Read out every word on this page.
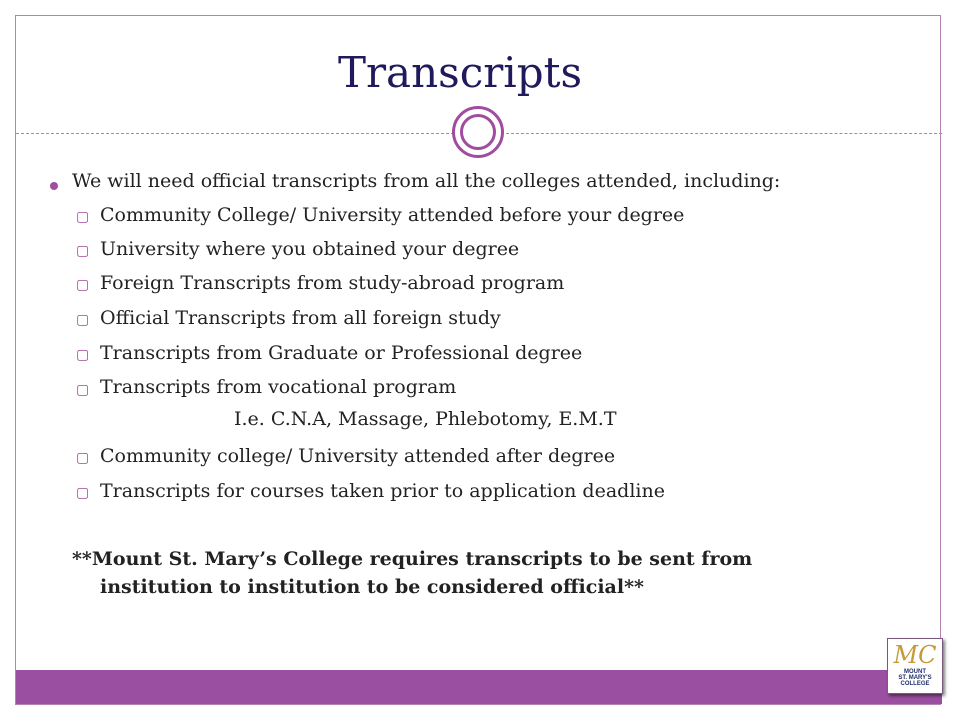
Transcripts
We will need official transcripts from all the colleges attended, including:
▢ Community College/ University attended before your degree
▢ University where you obtained your degree
▢ Foreign Transcripts from study-abroad program
▢ Official Transcripts from all foreign study
▢ Transcripts from Graduate or Professional degree
▢ Transcripts from vocational program
I.e. C.N.A, Massage, Phlebotomy, E.M.T
▢ Community college/ University attended after degree
▢ Transcripts for courses taken prior to application deadline
**Mount St. Mary’s College requires transcripts to be sent from
institution to institution to be considered official**
MC
MOUNT
ST. MARY'S
COLLEGE
